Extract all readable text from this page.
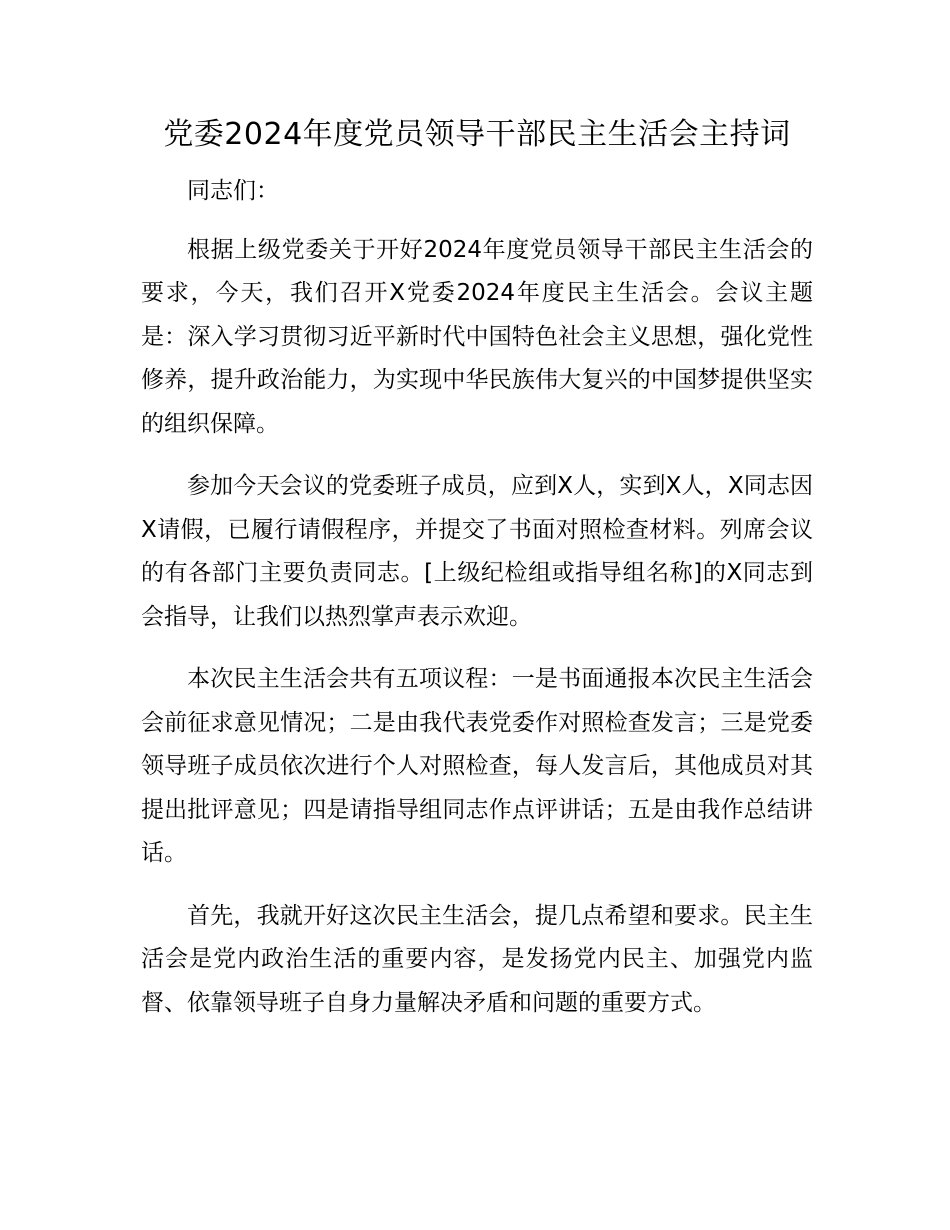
党委2024年度党员领导干部民主生活会主持词

同志们：

根据上级党委关于开好2024年度党员领导干部民主生活会的要求，今天，我们召开X党委2024年度民主生活会。会议主题是：深入学习贯彻习近平新时代中国特色社会主义思想，强化党性修养，提升政治能力，为实现中华民族伟大复兴的中国梦提供坚实的组织保障。

参加今天会议的党委班子成员，应到X人，实到X人，X同志因X请假，已履行请假程序，并提交了书面对照检查材料。列席会议的有各部门主要负责同志。[上级纪检组或指导组名称]的X同志到会指导，让我们以热烈掌声表示欢迎。

本次民主生活会共有五项议程：一是书面通报本次民主生活会会前征求意见情况；二是由我代表党委作对照检查发言；三是党委领导班子成员依次进行个人对照检查，每人发言后，其他成员对其提出批评意见；四是请指导组同志作点评讲话；五是由我作总结讲话。

首先，我就开好这次民主生活会，提几点希望和要求。民主生活会是党内政治生活的重要内容，是发扬党内民主、加强党内监督、依靠领导班子自身力量解决矛盾和问题的重要方式。
